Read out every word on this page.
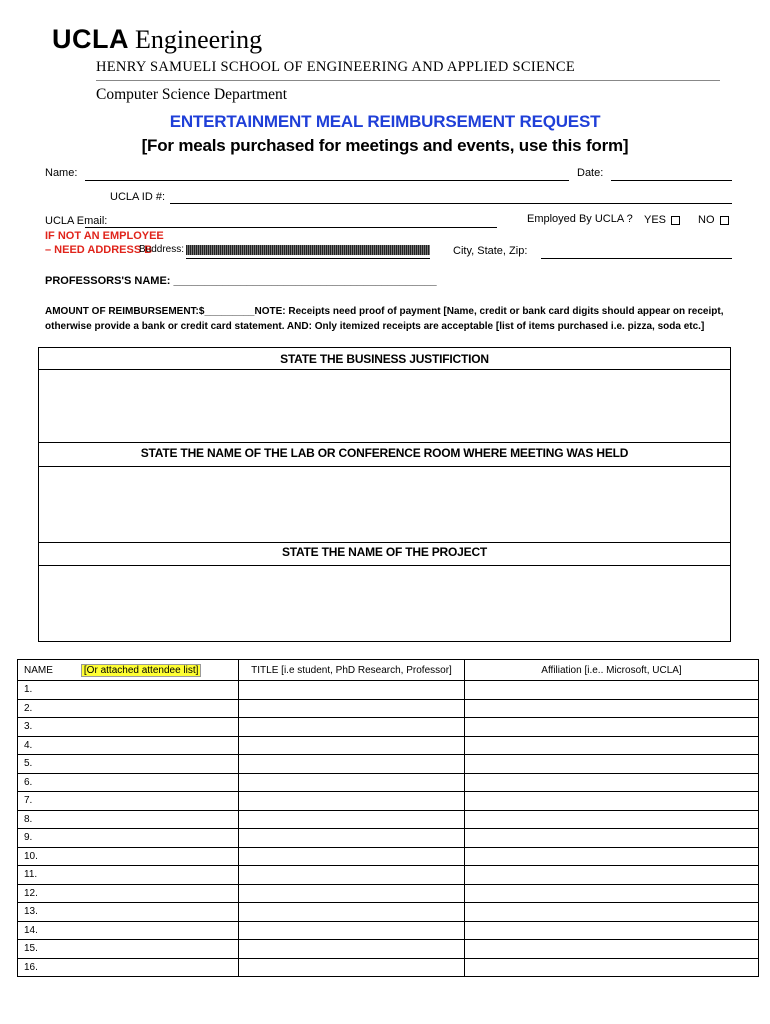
UCLA Engineering
HENRY SAMUELI SCHOOL OF ENGINEERING AND APPLIED SCIENCE
Computer Science Department
ENTERTAINMENT MEAL REIMBURSEMENT REQUEST
[For meals purchased for meetings and events, use this form]
Name:	Date:
UCLA ID #:
UCLA Email:	Employed By UCLA ? YES	NO
IF NOT AN EMPLOYEE
– NEED ADDRESS B
Buddress:	City, State, Zip:
PROFESSORS'S NAME: ___________________________________________
AMOUNT OF REIMBURSEMENT:$_________NOTE: Receipts need proof of payment [Name, credit or bank card digits should appear on receipt,
otherwise provide a bank or credit card statement. AND: Only itemized receipts are acceptable [list of items purchased i.e. pizza, soda etc.]
STATE THE BUSINESS JUSTIFICTION
STATE THE NAME OF THE LAB OR CONFERENCE ROOM WHERE MEETING WAS HELD
STATE THE NAME OF THE PROJECT
NAME [Or attached attendee list]	TITLE [i.e student, PhD Research, Professor]	Affiliation [i.e.. Microsoft, UCLA]
1.		
2.		
3.		
4.		
5.		
6.		
7.		
8.		
9.		
10.		
11.		
12.		
13.		
14.		
15.		
16.		
